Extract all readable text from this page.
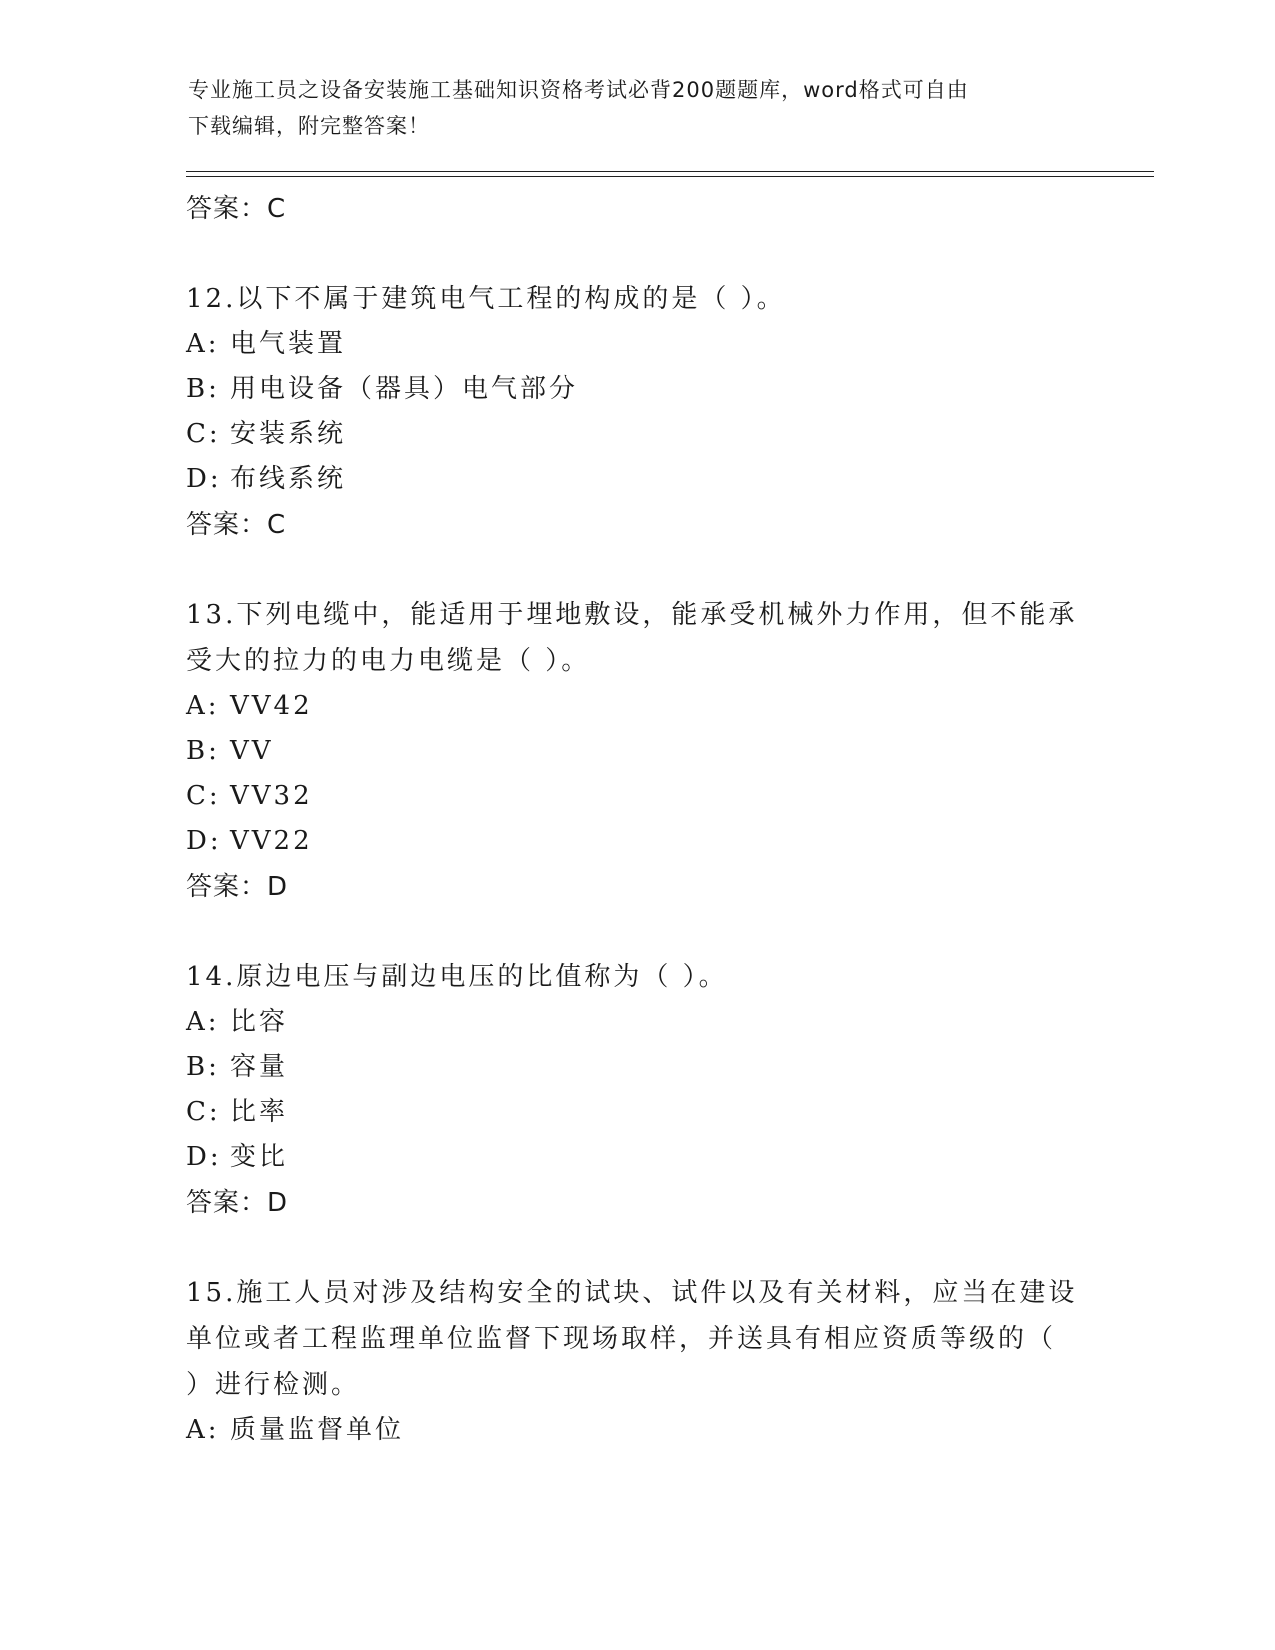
专业施工员之设备安装施工基础知识资格考试必背200题题库，word格式可自由
下载编辑，附完整答案！
答案：C
12.以下不属于建筑电气工程的构成的是（ ）。
A: 电气装置
B: 用电设备（器具）电气部分
C: 安装系统
D: 布线系统
答案：C
13.下列电缆中，能适用于埋地敷设，能承受机械外力作用，但不能承
受大的拉力的电力电缆是（ ）。
A: VV42
B: VV
C: VV32
D: VV22
答案：D
14.原边电压与副边电压的比值称为（ ）。
A: 比容
B: 容量
C: 比率
D: 变比
答案：D
15.施工人员对涉及结构安全的试块、试件以及有关材料，应当在建设
单位或者工程监理单位监督下现场取样，并送具有相应资质等级的（
）进行检测。
A: 质量监督单位
